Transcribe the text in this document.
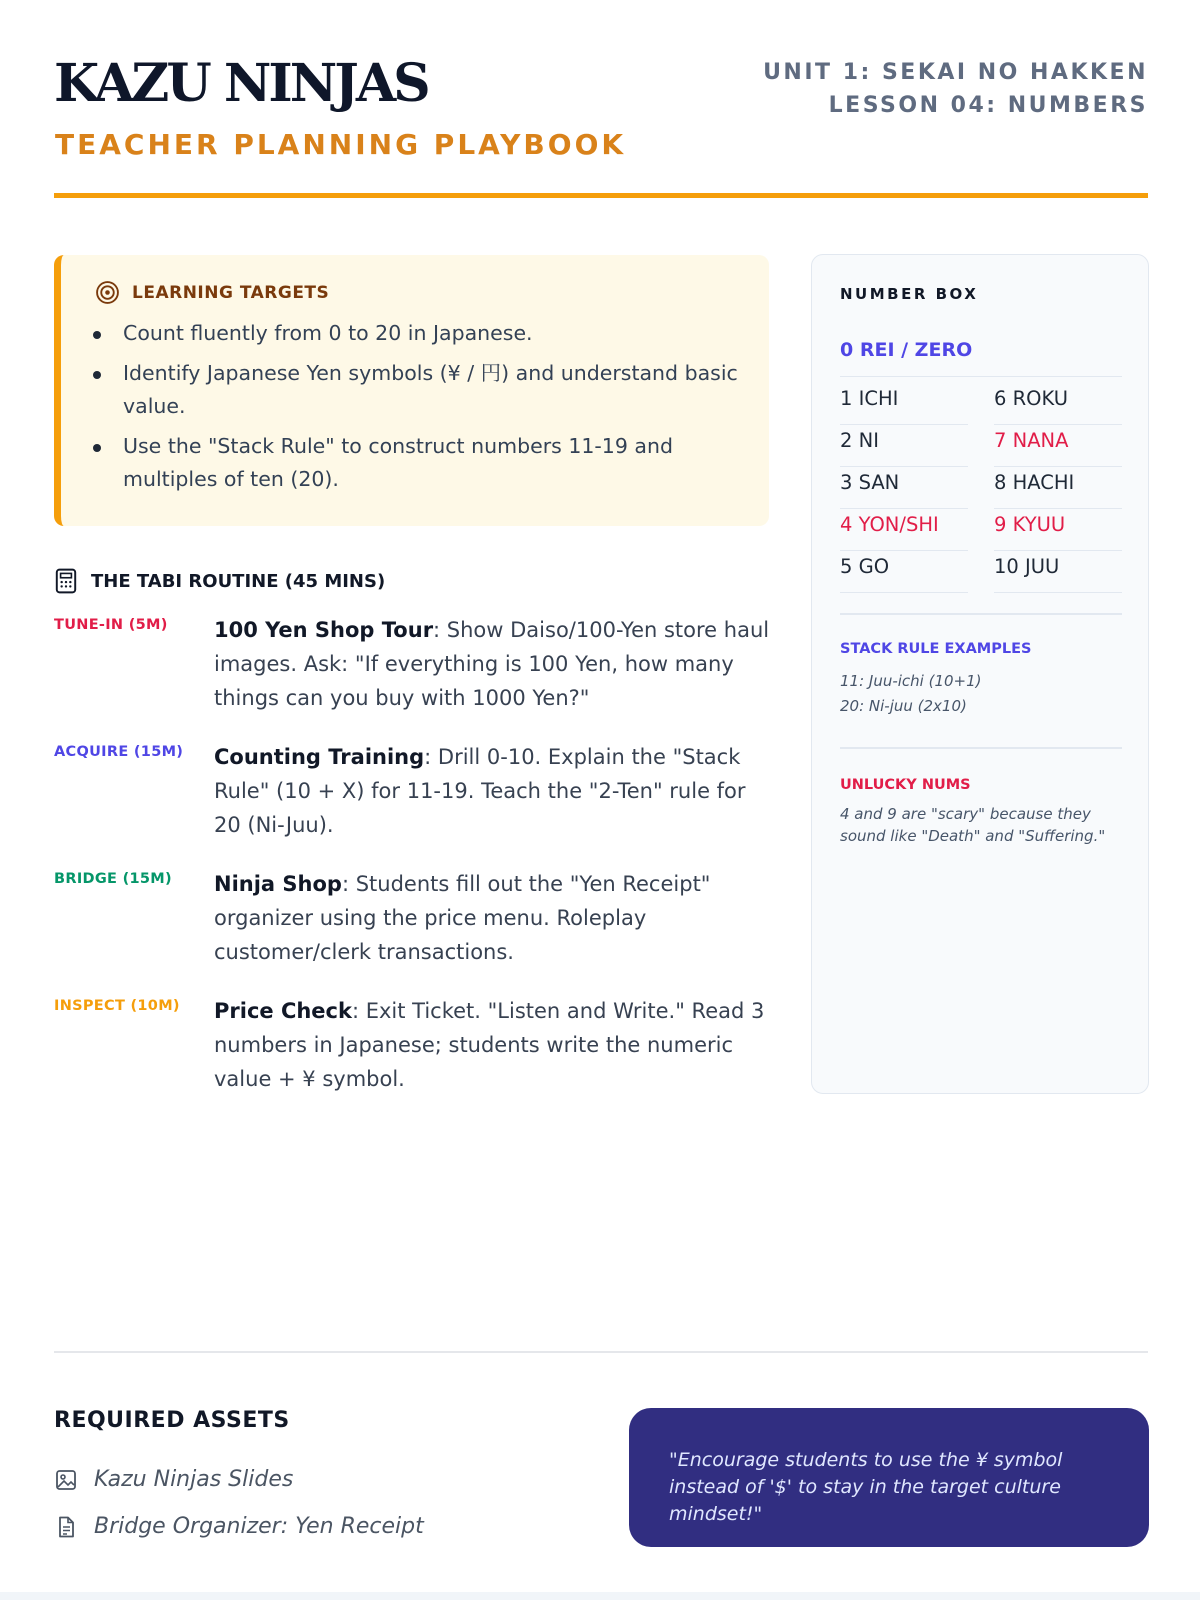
KAZU NINJAS
TEACHER PLANNING PLAYBOOK
UNIT 1: SEKAI NO HAKKEN
LESSON 04: NUMBERS
LEARNING TARGETS
Count fluently from 0 to 20 in Japanese.
Identify Japanese Yen symbols (¥ / 円) and understand basic value.
Use the "Stack Rule" to construct numbers 11-19 and multiples of ten (20).
THE TABI ROUTINE (45 MINS)
TUNE-IN (5M) 100 Yen Shop Tour: Show Daiso/100-Yen store haul images. Ask: "If everything is 100 Yen, how many things can you buy with 1000 Yen?"
ACQUIRE (15M) Counting Training: Drill 0-10. Explain the "Stack Rule" (10 + X) for 11-19. Teach the "2-Ten" rule for 20 (Ni-Juu).
BRIDGE (15M) Ninja Shop: Students fill out the "Yen Receipt" organizer using the price menu. Roleplay customer/clerk transactions.
INSPECT (10M) Price Check: Exit Ticket. "Listen and Write." Read 3 numbers in Japanese; students write the numeric value + ¥ symbol.
NUMBER BOX
0 REI / ZERO
1 ICHI
2 NI
3 SAN
4 YON/SHI
5 GO
6 ROKU
7 NANA
8 HACHI
9 KYUU
10 JUU
STACK RULE EXAMPLES
11: Juu-ichi (10+1)
20: Ni-juu (2x10)
UNLUCKY NUMS
4 and 9 are "scary" because they sound like "Death" and "Suffering."
REQUIRED ASSETS
Kazu Ninjas Slides
Bridge Organizer: Yen Receipt
"Encourage students to use the ¥ symbol instead of '$' to stay in the target culture mindset!"
